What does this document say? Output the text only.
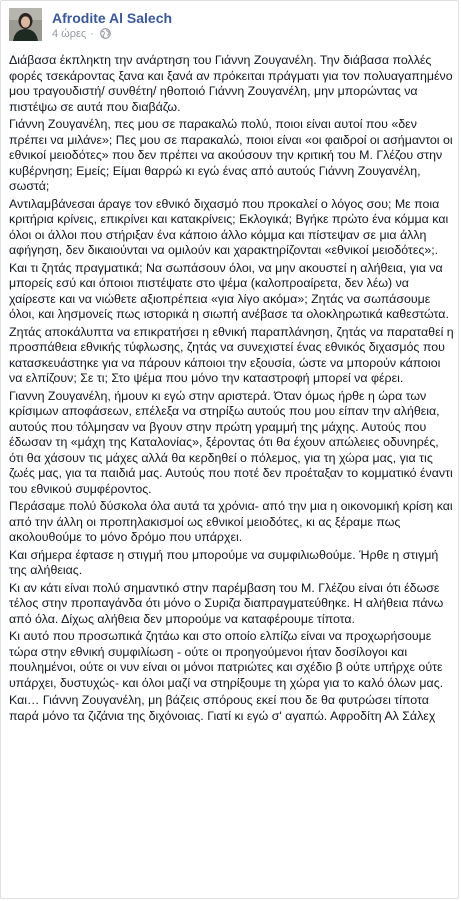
Afrodite Al Salech
4 ώρες ·

Διάβασα έκπληκτη την ανάρτηση του Γιάννη Ζουγανέλη. Την διάβασα πολλές φορές τσεκάροντας ξανα και ξανά αν πρόκειται πράγματι για τον πολυαγαπημένο μου τραγουδιστή/ συνθέτη/ ηθοποιό Γιάννη Ζουγανέλη, μην μπορώντας να πιστέψω σε αυτά που διαβάζω.

Γιάννη Ζουγανέλη, πες μου σε παρακαλώ πολύ, ποιοι είναι αυτοί που «δεν πρέπει να μιλάνε»; Πες μου σε παρακαλώ, ποιοι είναι «οι φαιδροί οι ασήμαντοι οι εθνικοί μειοδότες» που δεν πρέπει να ακούσουν την κριτική του Μ. Γλέζου στην κυβέρνηση; Εμείς; Είμαι θαρρώ κι εγώ ένας από αυτούς Γιάννη Ζουγανέλη, σωστά;

Αντιλαμβάνεσαι άραγε τον εθνικό διχασμό που προκαλεί ο λόγος σου; Με ποια κριτήρια κρίνεις, επικρίνει και κατακρίνεις; Εκλογικά; Βγήκε πρώτο ένα κόμμα και όλοι οι άλλοι που στήριξαν ένα κάποιο άλλο κόμμα και πίστεψαν σε μια άλλη αφήγηση, δεν δικαιούνται να ομιλούν και χαρακτηρίζονται «εθνικοί μειοδότες»;.

Και τι ζητάς πραγματικά; Να σωπάσουν όλοι, να μην ακουστεί η αλήθεια, για να μπορείς εσύ και όποιοι πιστέψατε στο ψέμα (καλοπροαίρετα, δεν λέω) να χαίρεστε και να νιώθετε αξιοπρέπεια «για λίγο ακόμα»; Ζητάς να σωπάσουμε όλοι, και λησμονείς πως ιστορικά η σιωπή ανέβασε τα ολοκληρωτικά καθεστώτα.

Ζητάς αποκάλυπτα να επικρατήσει η εθνική παραπλάνηση, ζητάς να παραταθεί η προσπάθεια εθνικής τύφλωσης, ζητάς να συνεχιστεί ένας εθνικός διχασμός που κατασκευάστηκε για να πάρουν κάποιοι την εξουσία, ώστε να μπορούν κάποιοι να ελπίζουν; Σε τι; Στο ψέμα που μόνο την καταστροφή μπορεί να φέρει.

Γιαννη Ζουγανέλη, ήμουν κι εγώ στην αριστερά. Όταν όμως ήρθε η ώρα των κρίσιμων αποφάσεων, επέλεξα να στηρίξω αυτούς που μου είπαν την αλήθεια, αυτούς που τόλμησαν να βγουν στην πρώτη γραμμή της μάχης. Αυτούς που έδωσαν τη «μάχη της Καταλονίας», ξέροντας ότι θα έχουν απώλειες οδυνηρές, ότι θα χάσουν τις μάχες αλλά θα κερδηθεί ο πόλεμος, για τη χώρα μας, για τις ζωές μας, για τα παιδιά μας. Αυτούς που ποτέ δεν προέταξαν το κομματικό έναντι του εθνικού συμφέροντος.

Περάσαμε πολύ δύσκολα όλα αυτά τα χρόνια- από την μια η οικονομική κρίση και από την άλλη οι προπηλακισμοί ως εθνικοί μειοδότες, κι ας ξέραμε πως ακολουθούμε το μόνο δρόμο που υπάρχει.

Και σήμερα έφτασε η στιγμή που μπορούμε να συμφιλιωθούμε. Ήρθε η στιγμή της αλήθειας.

Κι αν κάτι είναι πολύ σημαντικό στην παρέμβαση του Μ. Γλέζου είναι ότι έδωσε τέλος στην προπαγάνδα ότι μόνο ο Συριζα διαπραγματεύθηκε. Η αλήθεια πάνω από όλα. Δίχως αλήθεια δεν μπορούμε να καταφέρουμε τίποτα.

Κι αυτό που προσωπικά ζητάω και στο οποίο ελπίζω είναι να προχωρήσουμε τώρα στην εθνική συμφιλίωση - ούτε οι προηγούμενοι ήταν δοσίλογοι και πουλημένοι, ούτε οι νυν είναι οι μόνοι πατριώτες και σχέδιο β ούτε υπήρχε ούτε υπάρχει, δυστυχώς- και όλοι μαζί να στηρίξουμε τη χώρα για το καλό όλων μας.

Και… Γιάννη Ζουγανέλη, μη βάζεις σπόρους εκεί που δε θα φυτρώσει τίποτα παρά μόνο τα ζιζάνια της διχόνοιας. Γιατί κι εγώ σ' αγαπώ. Αφροδίτη Αλ Σάλεχ
